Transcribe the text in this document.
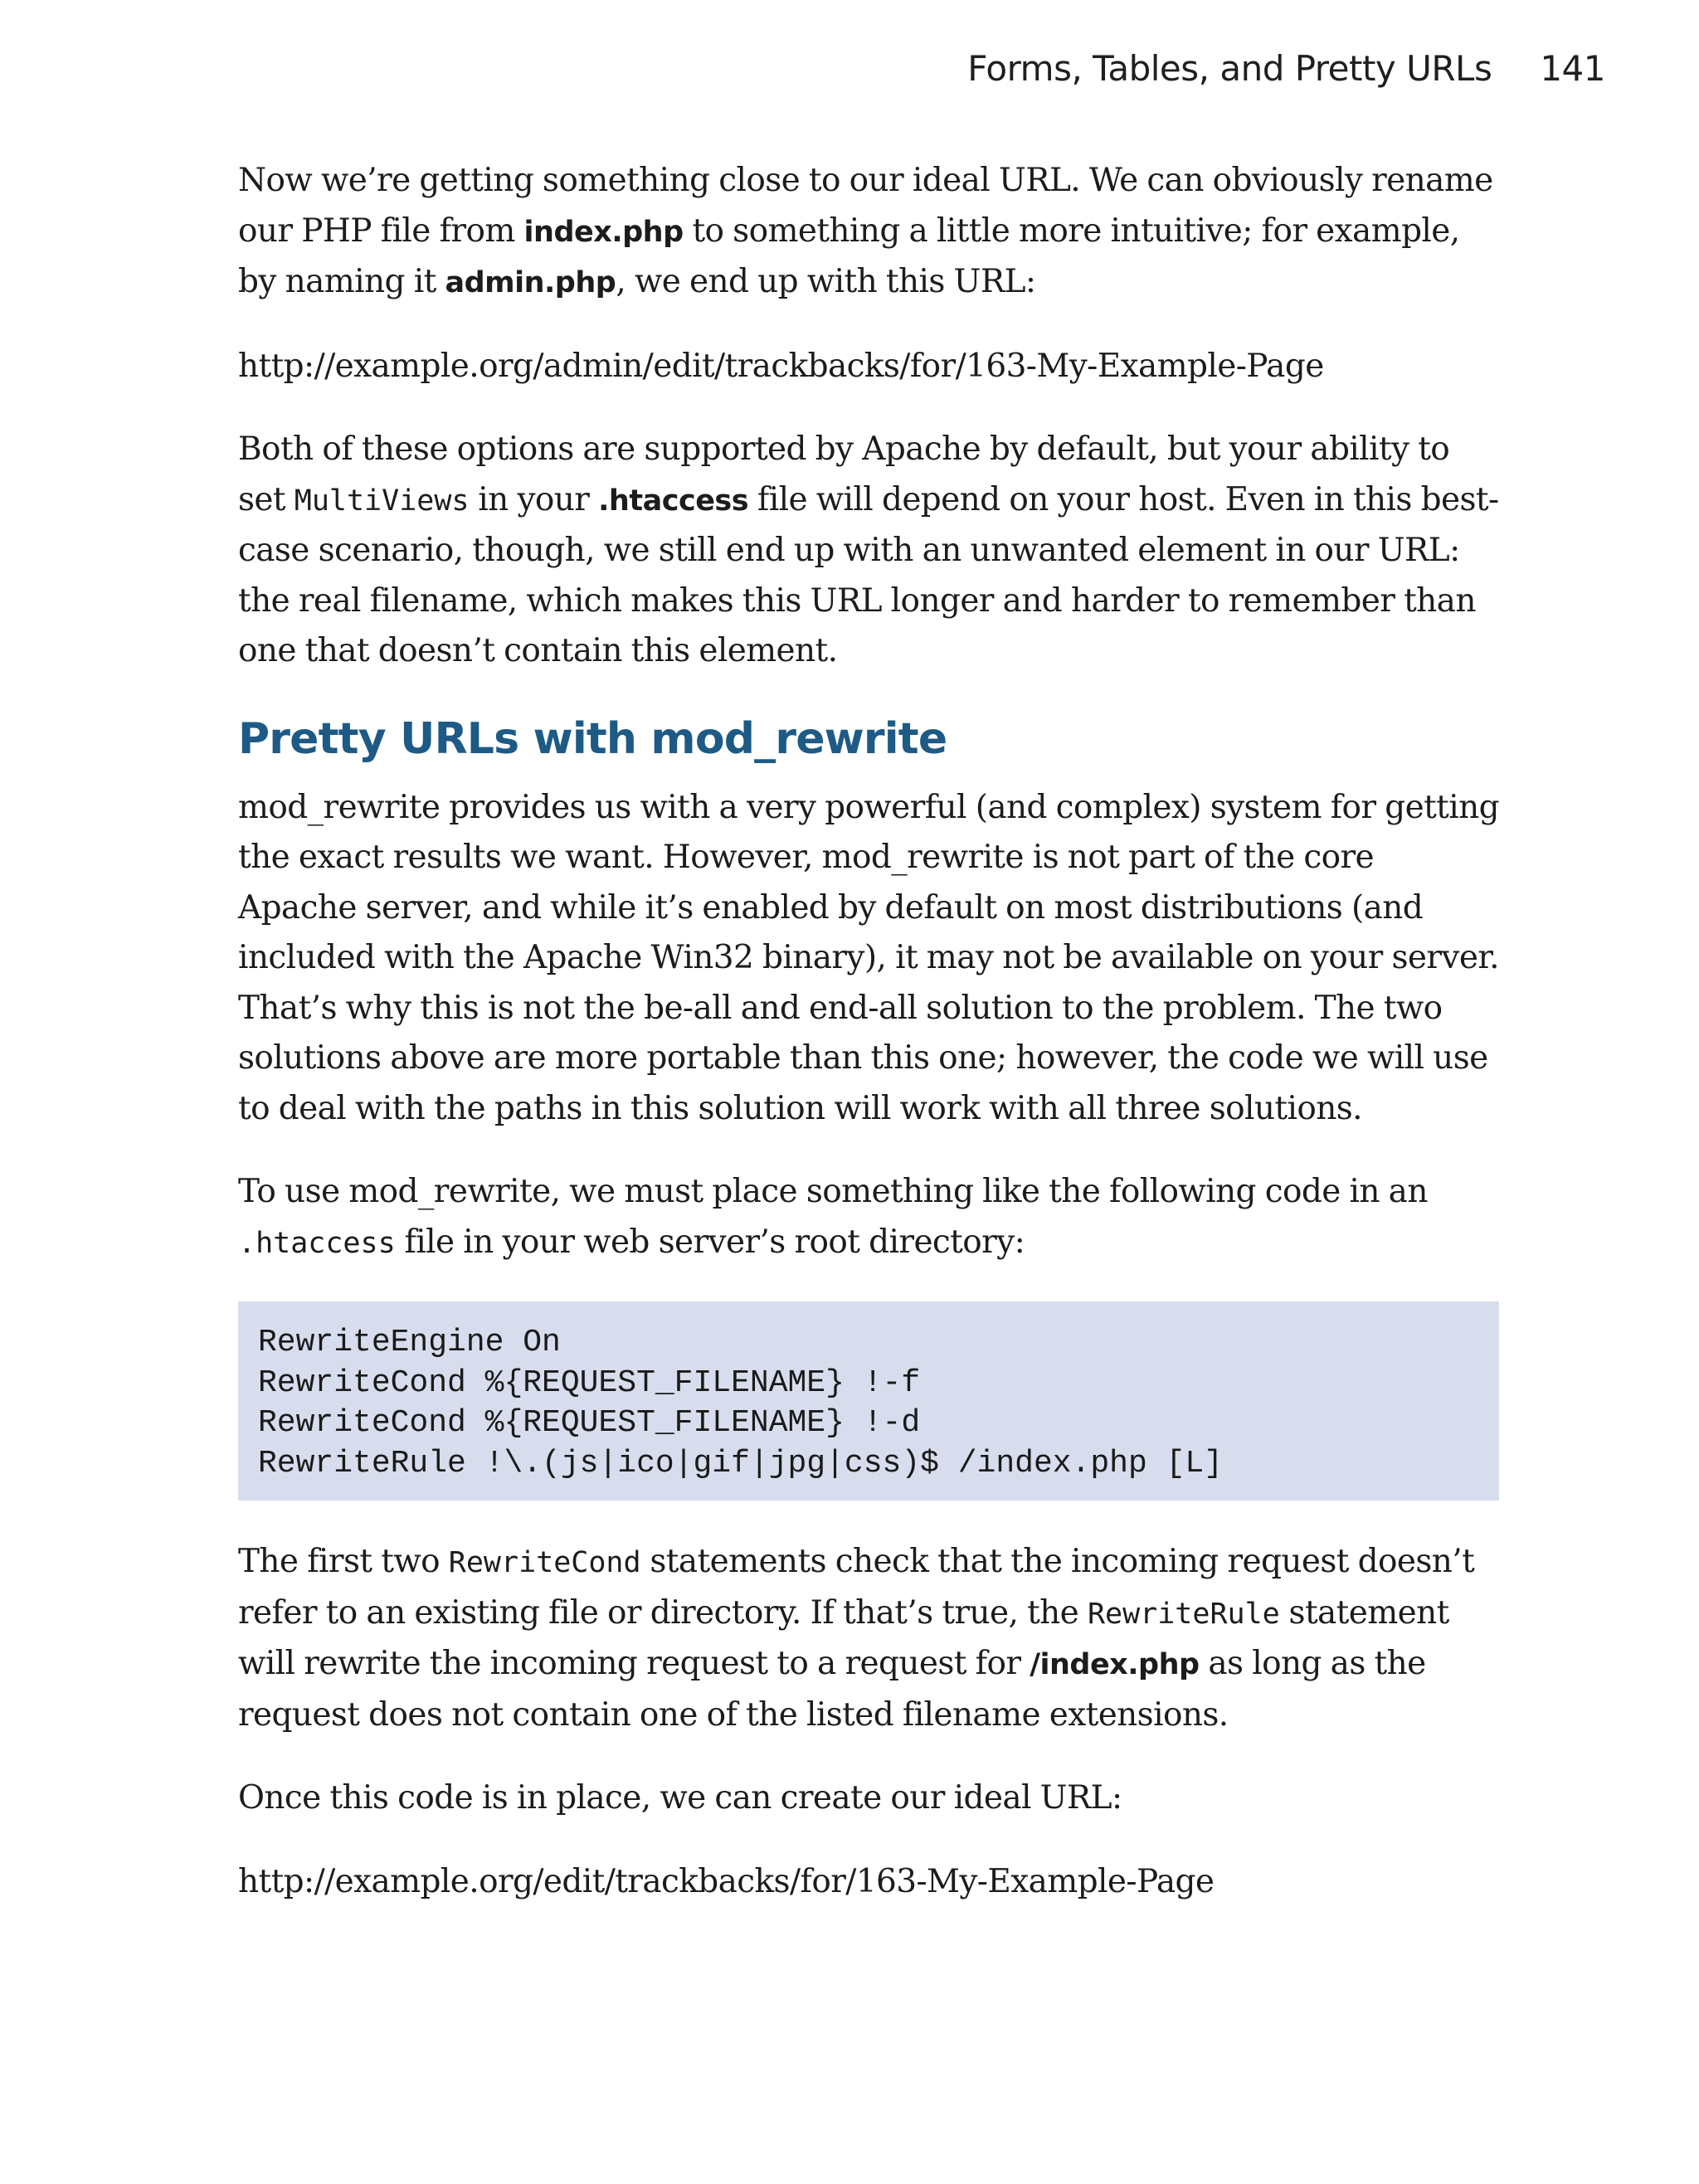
Forms, Tables, and Pretty URLs 141

Now we’re getting something close to our ideal URL. We can obviously rename our PHP file from index.php to something a little more intuitive; for example, by naming it admin.php, we end up with this URL:

http://example.org/admin/edit/trackbacks/for/163-My-Example-Page

Both of these options are supported by Apache by default, but your ability to set MultiViews in your .htaccess file will depend on your host. Even in this best-case scenario, though, we still end up with an unwanted element in our URL: the real filename, which makes this URL longer and harder to remember than one that doesn’t contain this element.

Pretty URLs with mod_rewrite

mod_rewrite provides us with a very powerful (and complex) system for getting the exact results we want. However, mod_rewrite is not part of the core Apache server, and while it’s enabled by default on most distributions (and included with the Apache Win32 binary), it may not be available on your server. That’s why this is not the be-all and end-all solution to the problem. The two solutions above are more portable than this one; however, the code we will use to deal with the paths in this solution will work with all three solutions.

To use mod_rewrite, we must place something like the following code in an .htaccess file in your web server’s root directory:

RewriteEngine On
RewriteCond %{REQUEST_FILENAME} !-f
RewriteCond %{REQUEST_FILENAME} !-d
RewriteRule !\.(js|ico|gif|jpg|css)$ /index.php [L]

The first two RewriteCond statements check that the incoming request doesn’t refer to an existing file or directory. If that’s true, the RewriteRule statement will rewrite the incoming request to a request for /index.php as long as the request does not contain one of the listed filename extensions.

Once this code is in place, we can create our ideal URL:

http://example.org/edit/trackbacks/for/163-My-Example-Page
